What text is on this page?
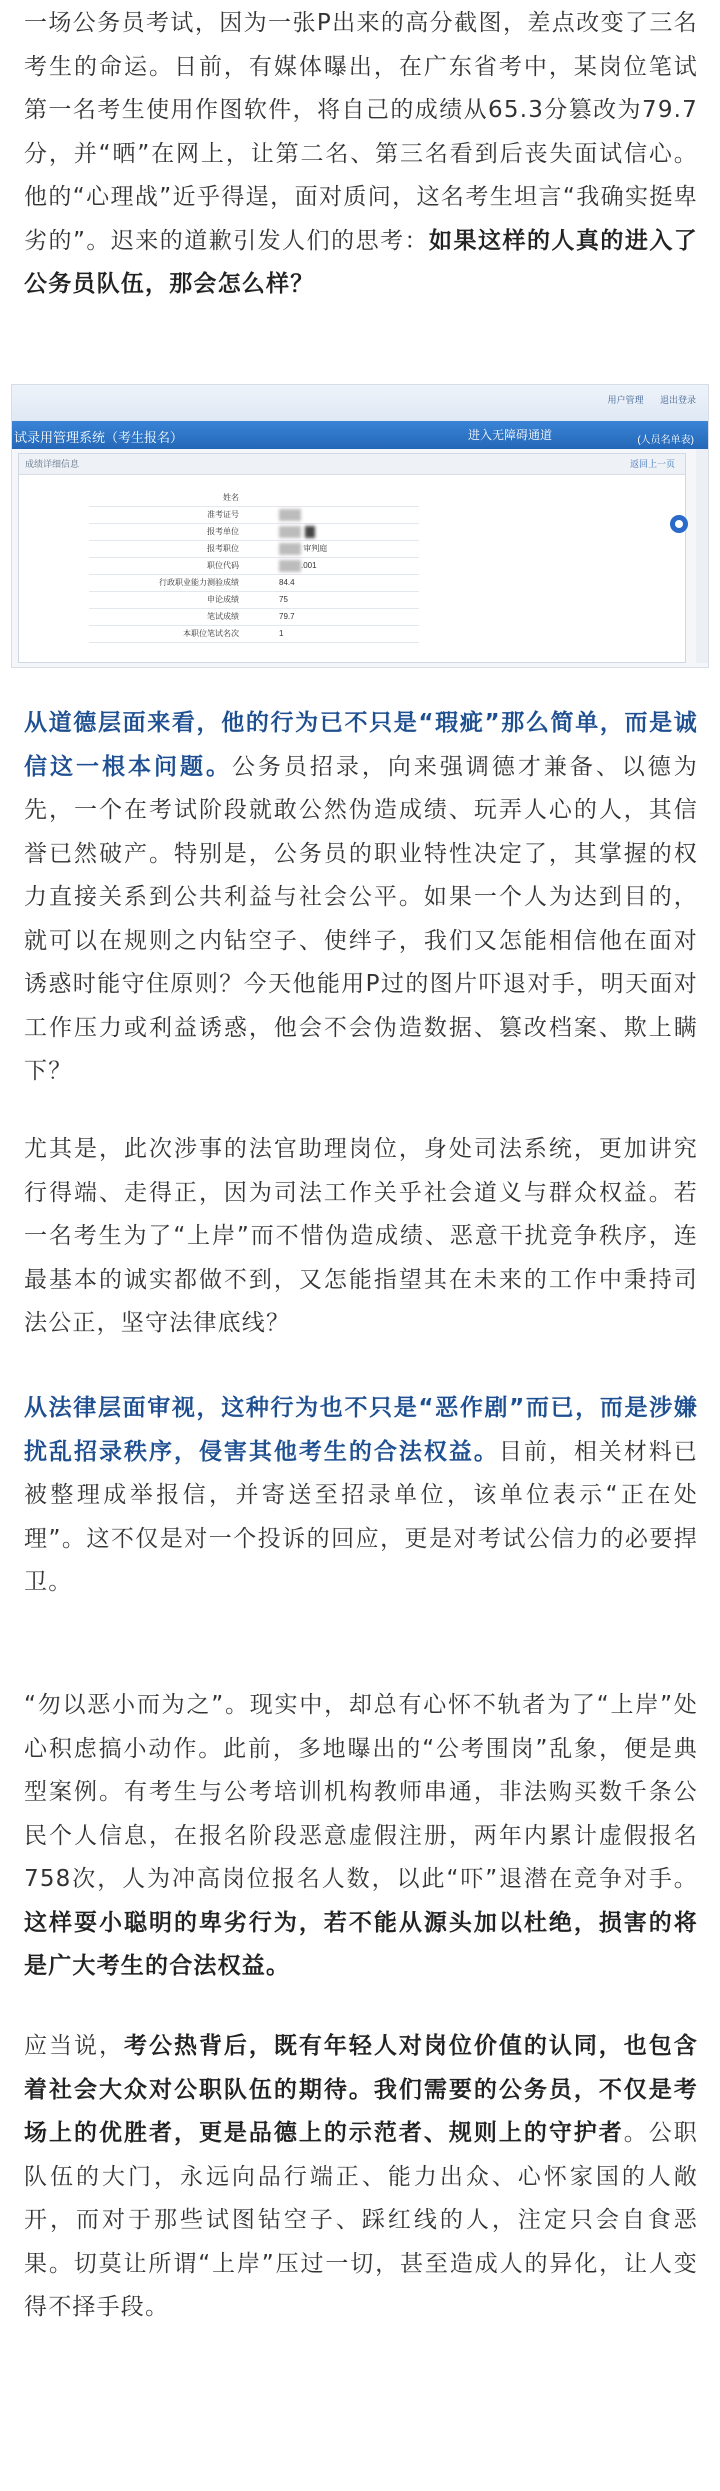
一场公务员考试，因为一张P出来的高分截图，差点改变了三名考生的命运。日前，有媒体曝出，在广东省考中，某岗位笔试第一名考生使用作图软件，将自己的成绩从65.3分篡改为79.7分，并“晒”在网上，让第二名、第三名看到后丧失面试信心。他的“心理战”近乎得逞，面对质问，这名考生坦言“我确实挺卑劣的”。迟来的道歉引发人们的思考：如果这样的人真的进入了公务员队伍，那会怎么样？

用户管理 退出登录
试录用管理系统（考生报名）	进入无障碍通道	(人员名单表)
成绩详细信息	返回上一页
姓名
准考证号
报考单位
报考职位	审判庭
职位代码	.001
行政职业能力测验成绩	84.4
申论成绩	75
笔试成绩	79.7
本职位笔试名次	1

从道德层面来看，他的行为已不只是“瑕疵”那么简单，而是诚信这一根本问题。公务员招录，向来强调德才兼备、以德为先，一个在考试阶段就敢公然伪造成绩、玩弄人心的人，其信誉已然破产。特别是，公务员的职业特性决定了，其掌握的权力直接关系到公共利益与社会公平。如果一个人为达到目的，就可以在规则之内钻空子、使绊子，我们又怎能相信他在面对诱惑时能守住原则？今天他能用P过的图片吓退对手，明天面对工作压力或利益诱惑，他会不会伪造数据、篡改档案、欺上瞒下？

尤其是，此次涉事的法官助理岗位，身处司法系统，更加讲究行得端、走得正，因为司法工作关乎社会道义与群众权益。若一名考生为了“上岸”而不惜伪造成绩、恶意干扰竞争秩序，连最基本的诚实都做不到，又怎能指望其在未来的工作中秉持司法公正，坚守法律底线？

从法律层面审视，这种行为也不只是“恶作剧”而已，而是涉嫌扰乱招录秩序，侵害其他考生的合法权益。目前，相关材料已被整理成举报信，并寄送至招录单位，该单位表示“正在处理”。这不仅是对一个投诉的回应，更是对考试公信力的必要捍卫。

“勿以恶小而为之”。现实中，却总有心怀不轨者为了“上岸”处心积虑搞小动作。此前，多地曝出的“公考围岗”乱象，便是典型案例。有考生与公考培训机构教师串通，非法购买数千条公民个人信息，在报名阶段恶意虚假注册，两年内累计虚假报名758次，人为冲高岗位报名人数，以此“吓”退潜在竞争对手。这样耍小聪明的卑劣行为，若不能从源头加以杜绝，损害的将是广大考生的合法权益。

应当说，考公热背后，既有年轻人对岗位价值的认同，也包含着社会大众对公职队伍的期待。我们需要的公务员，不仅是考场上的优胜者，更是品德上的示范者、规则上的守护者。公职队伍的大门，永远向品行端正、能力出众、心怀家国的人敞开，而对于那些试图钻空子、踩红线的人，注定只会自食恶果。切莫让所谓“上岸”压过一切，甚至造成人的异化，让人变得不择手段。
